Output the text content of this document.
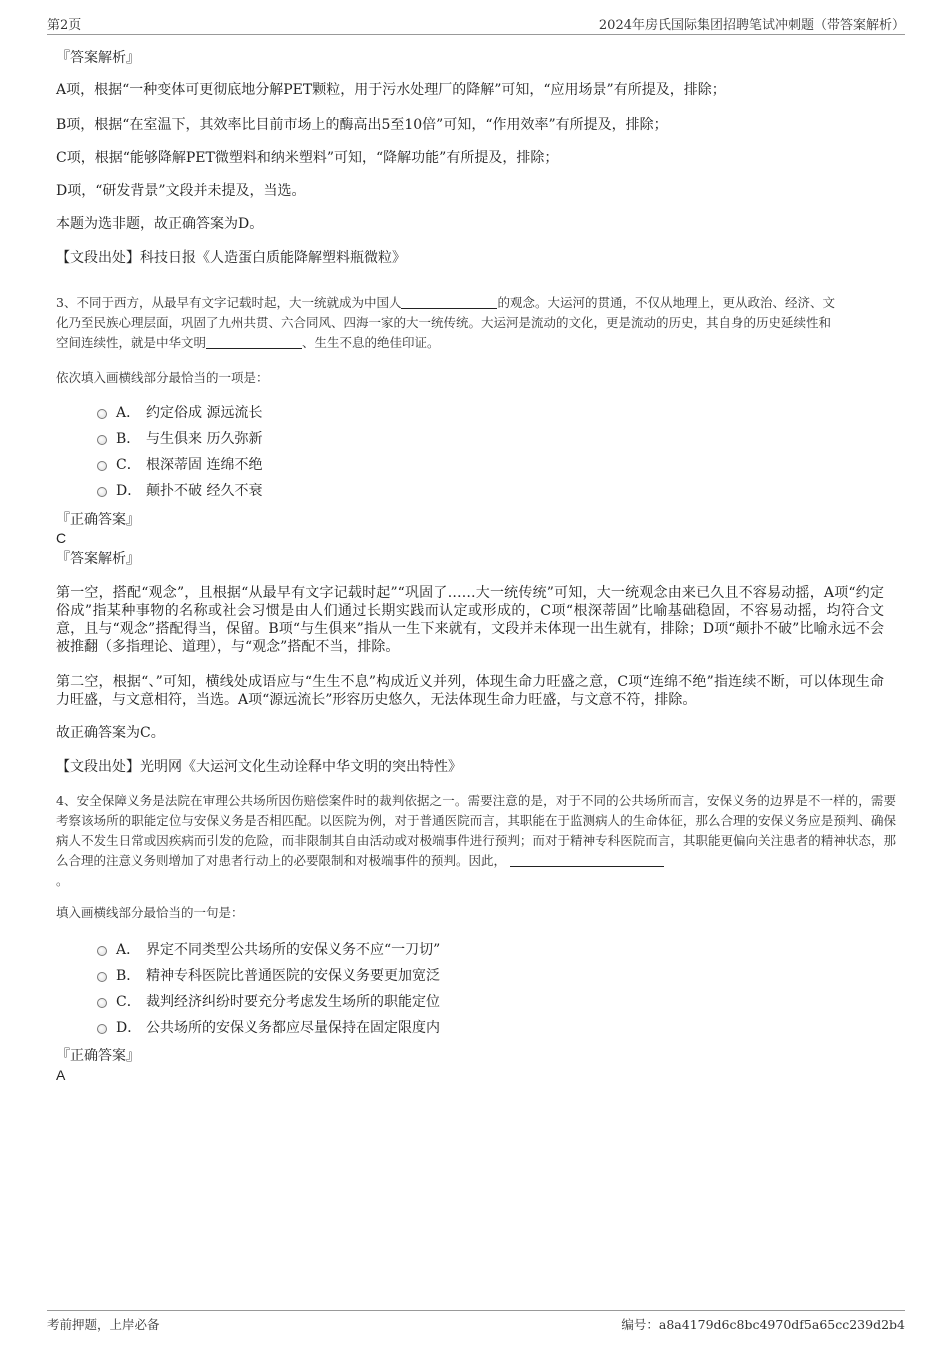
第2页	2024年房氏国际集团招聘笔试冲刺题（带答案解析）
『答案解析』
A项，根据“一种变体可更彻底地分解PET颗粒，用于污水处理厂的降解”可知，“应用场景”有所提及，排除；
B项，根据“在室温下，其效率比目前市场上的酶高出5至10倍”可知，“作用效率”有所提及，排除；
C项，根据“能够降解PET微塑料和纳米塑料”可知，“降解功能”有所提及，排除；
D项，“研发背景”文段并未提及，当选。
本题为选非题，故正确答案为D。
【文段出处】科技日报《人造蛋白质能降解塑料瓶微粒》
3、不同于西方，从最早有文字记载时起，大一统就成为中国人	的观念。大运河的贯通，不仅从地理上，更从政治、经济、文
化乃至民族心理层面，巩固了九州共贯、六合同风、四海一家的大一统传统。大运河是流动的文化，更是流动的历史，其自身的历史延续性和
空间连续性，就是中华文明	、生生不息的绝佳印证。
依次填入画横线部分最恰当的一项是：
A． 约定俗成 源远流长
B． 与生俱来 历久弥新
C． 根深蒂固 连绵不绝
D． 颠扑不破 经久不衰
『正确答案』
C
『答案解析』
第一空，搭配“观念”，且根据“从最早有文字记载时起”“巩固了……大一统传统”可知，大一统观念由来已久且不容易动摇，A项“约定俗成”指某种事物的名称或社会习惯是由人们通过长期实践而认定或形成的，C项“根深蒂固”比喻基础稳固，不容易动摇，均符合文意，且与“观念”搭配得当，保留。B项“与生俱来”指从一生下来就有，文段并未体现一出生就有，排除；D项“颠扑不破”比喻永远不会被推翻（多指理论、道理），与“观念”搭配不当，排除。
第二空，根据“、”可知，横线处成语应与“生生不息”构成近义并列，体现生命力旺盛之意，C项“连绵不绝”指连续不断，可以体现生命力旺盛，与文意相符，当选。A项“源远流长”形容历史悠久，无法体现生命力旺盛，与文意不符，排除。
故正确答案为C。
【文段出处】光明网《大运河文化生动诠释中华文明的突出特性》
4、安全保障义务是法院在审理公共场所因伤赔偿案件时的裁判依据之一。需要注意的是，对于不同的公共场所而言，安保义务的边界是不一样的，需要考察该场所的职能定位与安保义务是否相匹配。以医院为例，对于普通医院而言，其职能在于监测病人的生命体征，那么合理的安保义务应是预判、确保病人不发生日常或因疾病而引发的危险，而非限制其自由活动或对极端事件进行预判；而对于精神专科医院而言，其职能更偏向关注患者的精神状态，那么合理的注意义务则增加了对患者行动上的必要限制和对极端事件的预判。因此，
。
填入画横线部分最恰当的一句是：
A． 界定不同类型公共场所的安保义务不应“一刀切”
B． 精神专科医院比普通医院的安保义务要更加宽泛
C． 裁判经济纠纷时要充分考虑发生场所的职能定位
D． 公共场所的安保义务都应尽量保持在固定限度内
『正确答案』
A
考前押题，上岸必备	编号：a8a4179d6c8bc4970df5a65cc239d2b4
